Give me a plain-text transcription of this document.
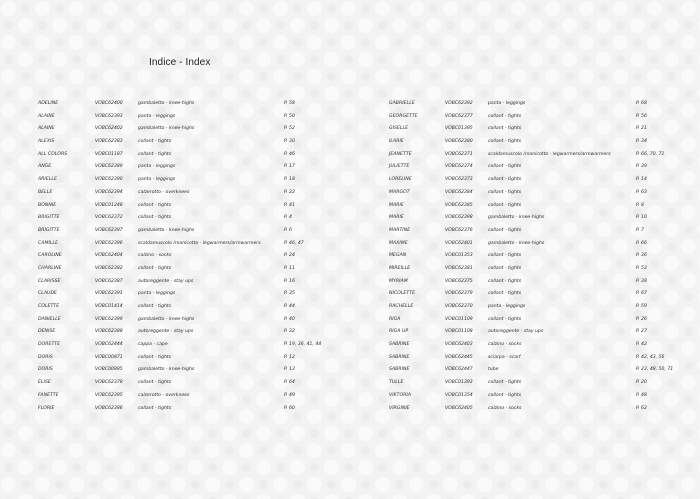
Indice - Index
ADELINE	VOBC62400	gambaletto - knee-highs	P. 58
ALAINE	VOBC62393	panta - leggings	P. 50
ALAINE	VOBC62402	gambaletto - knee-highs	P. 52
ALEXIS	VOBC62383	collant - tights	P. 30
ALL COLORS	VOBC01187	collant - tights	P. 46
ANGE	VOBC62389	panta - leggings	P. 17
ARIELLE	VOBC62390	panta - leggings	P. 18
BELLE	VOBC62394	calzerotto - overknees	P. 22
BONNIE	VOBC01248	collant - tights	P. 41
BRIGITTE	VOBC62372	collant - tights	P. 4
BRIGITTE	VOBC62397	gambaletto - knee-highs	P. 6
CAMILLE	VOBC62396	scaldamuscolo /manicotto - legwarmers/armwarmers	P. 46, 47
CAROLINE	VOBC62404	calzino - socks	P. 24
CHARLINE	VOBC62382	collant - tights	P. 11
CLARISSE	VOBC62387	autoreggente - stay ups	P. 16
CLAUDE	VOBC62391	panta - leggings	P. 35
COLETTE	VOBC01414	collant - tights	P. 44
DANIELLE	VOBC62399	gambaletto - knee-highs	P. 40
DENISE	VOBC62388	autoreggente - stay ups	P. 32
DORETTE	VOBC62444	cappa - cape	P. 19, 36, 41, 44
DORIS	VOBC00871	collant - tights	P. 12
DORIS	VOBC00895	gambaletto - knee-highs	P. 13
ELISE	VOBC62378	collant - tights	P. 64
FANETTE	VOBC62395	calzerotto - overknees	P. 49
FLORIE	VOBC62386	collant - tights	P. 60
GABRIELLE	VOBC62392	panta - leggings	P. 68
GEORGETTE	VOBC62377	collant - tights	P. 56
GISELLE	VOBC01395	collant - tights	P. 21
ILARIE	VOBC62380	collant - tights	P. 34
JEANETTE	VOBC62371	scaldamuscolo /manicotto - legwarmers/armwarmers	P. 66, 70, 71
JULIETTE	VOBC62374	collant - tights	P. 39
LORELINE	VOBC62373	collant - tights	P. 14
MARGOT	VOBC62384	collant - tights	P. 63
MARIE	VOBC62385	collant - tights	P. 8
MARIE	VOBC62398	gambaletto - knee-highs	P. 10
MARTINE	VOBC62376	collant - tights	P. 7
MAXIME	VOBC62401	gambaletto - knee-highs	P. 66
MEGAN	VOBC01353	collant - tights	P. 36
MIREILLE	VOBC62381	collant - tights	P. 53
MYRIAM	VOBC62375	collant - tights	P. 38
NICOLETTE	VOBC62379	collant - tights	P. 67
RACHELLE	VOBC62370	panta - leggings	P. 59
RIGA	VOBC01109	collant - tights	P. 26
RIGA UP	VOBC01108	autoreggente - stay ups	P. 27
SABRINE	VOBC62403	calzino - socks	P. 42
SABRINE	VOBC62445	sciarpa - scarf	P. 42, 43, 56
SABRINE	VOBC62447	tube	P. 23, 48, 50, 71
TULLE	VOBC01393	collant - tights	P. 20
VIKTORIA	VOBC01354	collant - tights	P. 48
VIRGINIE	VOBC62405	calzino - socks	P. 62
